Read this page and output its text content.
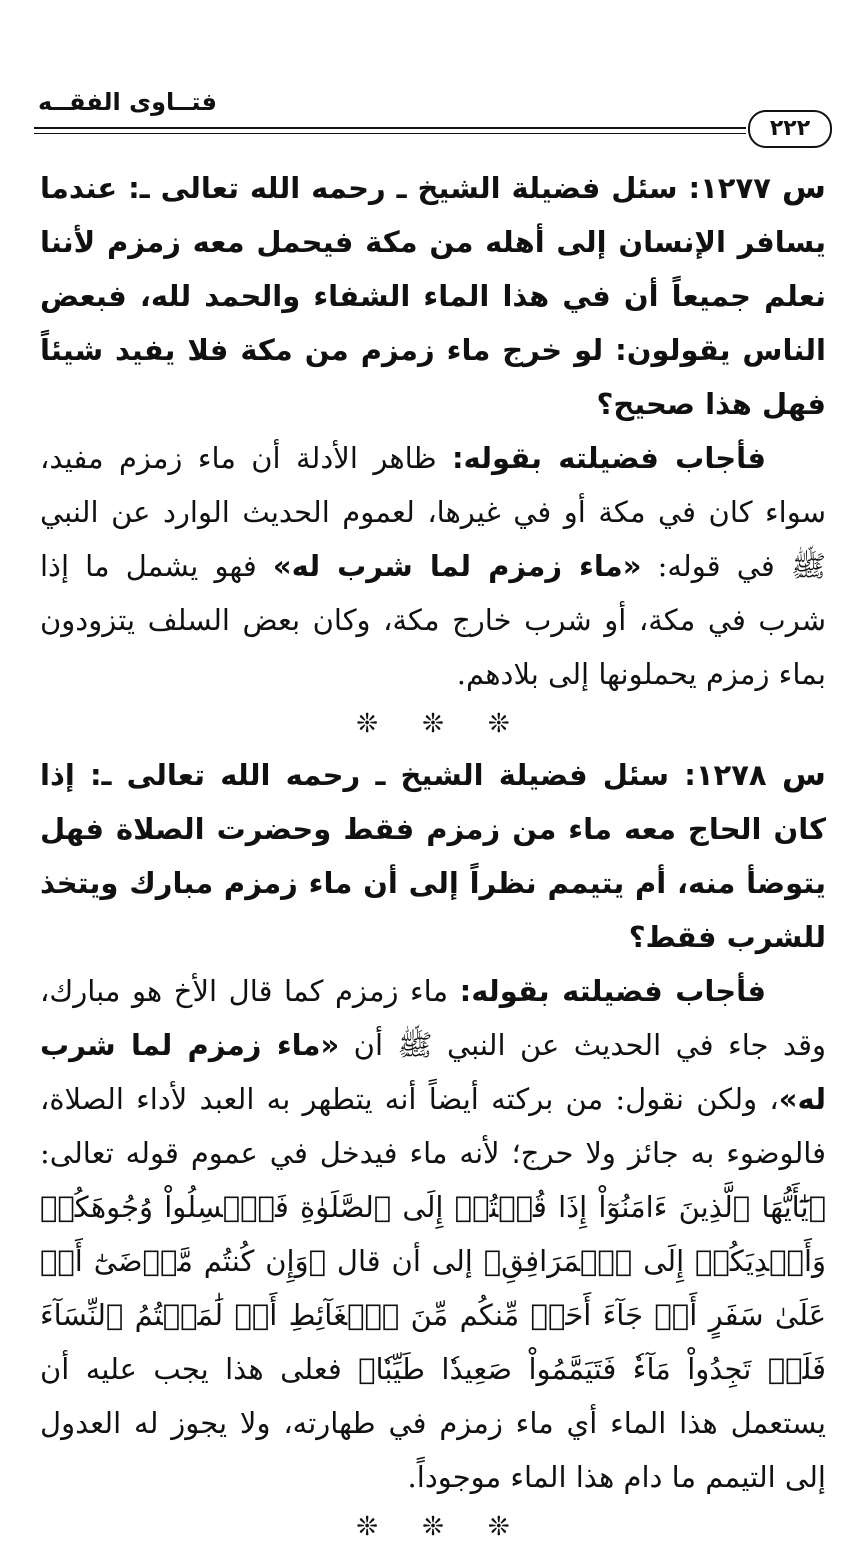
فتــاوى الفقــه
٢٢٢

س ١٢٧٧: سئل فضيلة الشيخ ـ رحمه الله تعالى ـ: عندما يسافر الإنسان إلى أهله من مكة فيحمل معه زمزم لأننا نعلم جميعاً أن في هذا الماء الشفاء والحمد لله، فبعض الناس يقولون: لو خرج ماء زمزم من مكة فلا يفيد شيئاً فهل هذا صحيح؟

فأجاب فضيلته بقوله: ظاهر الأدلة أن ماء زمزم مفيد، سواء كان في مكة أو في غيرها، لعموم الحديث الوارد عن النبي ﷺ في قوله: «ماء زمزم لما شرب له» فهو يشمل ما إذا شرب في مكة، أو شرب خارج مكة، وكان بعض السلف يتزودون بماء زمزم يحملونها إلى بلادهم.

❊❊❊

س ١٢٧٨: سئل فضيلة الشيخ ـ رحمه الله تعالى ـ: إذا كان الحاج معه ماء من زمزم فقط وحضرت الصلاة فهل يتوضأ منه، أم يتيمم نظراً إلى أن ماء زمزم مبارك ويتخذ للشرب فقط؟

فأجاب فضيلته بقوله: ماء زمزم كما قال الأخ هو مبارك، وقد جاء في الحديث عن النبي ﷺ أن «ماء زمزم لما شرب له»، ولكن نقول: من بركته أيضاً أنه يتطهر به العبد لأداء الصلاة، فالوضوء به جائز ولا حرج؛ لأنه ماء فيدخل في عموم قوله تعالى: ﴿يَٰٓأَيُّهَا ٱلَّذِينَ ءَامَنُوٓاْ إِذَا قُمۡتُمۡ إِلَى ٱلصَّلَوٰةِ فَٱغۡسِلُواْ وُجُوهَكُمۡ وَأَيۡدِيَكُمۡ إِلَى ٱلۡمَرَافِقِ﴾ إلى أن قال ﴿وَإِن كُنتُم مَّرۡضَىٰٓ أَوۡ عَلَىٰ سَفَرٍ أَوۡ جَآءَ أَحَدٞ مِّنكُم مِّنَ ٱلۡغَآئِطِ أَوۡ لَٰمَسۡتُمُ ٱلنِّسَآءَ فَلَمۡ تَجِدُواْ مَآءٗ فَتَيَمَّمُواْ صَعِيدٗا طَيِّبٗا﴾ فعلى هذا يجب عليه أن يستعمل هذا الماء أي ماء زمزم في طهارته، ولا يجوز له العدول إلى التيمم ما دام هذا الماء موجوداً.

❊❊❊
